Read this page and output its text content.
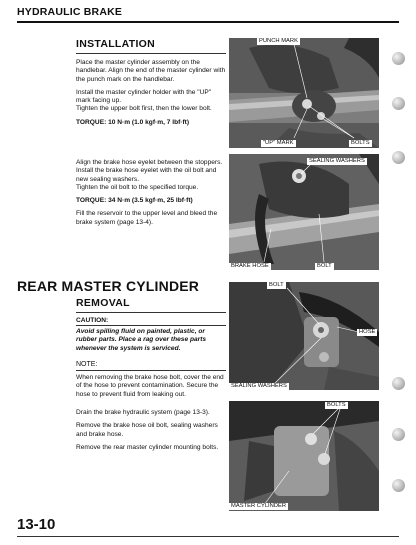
HYDRAULIC BRAKE
INSTALLATION

Place the master cylinder assembly on the handlebar. Align the end of the master cylinder with the punch mark on the handlebar.

Install the master cylinder holder with the "UP" mark facing up.

Tighten the upper bolt first, then the lower bolt.

TORQUE: 10 N·m (1.0 kgf·m, 7 lbf·ft)

Align the brake hose eyelet between the stoppers. Install the brake hose eyelet with the oil bolt and new sealing washers.

Tighten the oil bolt to the specified torque.

TORQUE: 34 N·m (3.5 kgf·m, 25 lbf·ft)

Fill the reservoir to the upper level and bleed the brake system (page 13-4).

PUNCH MARK
"UP" MARK	BOLTS
SEALING WASHERS
BRAKE HOSE	BOLT
REAR MASTER CYLINDER
REMOVAL
CAUTION:
Avoid spilling fluid on painted, plastic, or rubber parts. Place a rag over these parts whenever the system is serviced.
NOTE:
When removing the brake hose bolt, cover the end of the hose to prevent contamination. Secure the hose to prevent fluid from leaking out.

Drain the brake hydraulic system (page 13-3).

Remove the brake hose oil bolt, sealing washers and brake hose.

Remove the rear master cylinder mounting bolts.

BOLT
HOSE
SEALING WASHERS
BOLTS
MASTER CYLINDER
13-10
